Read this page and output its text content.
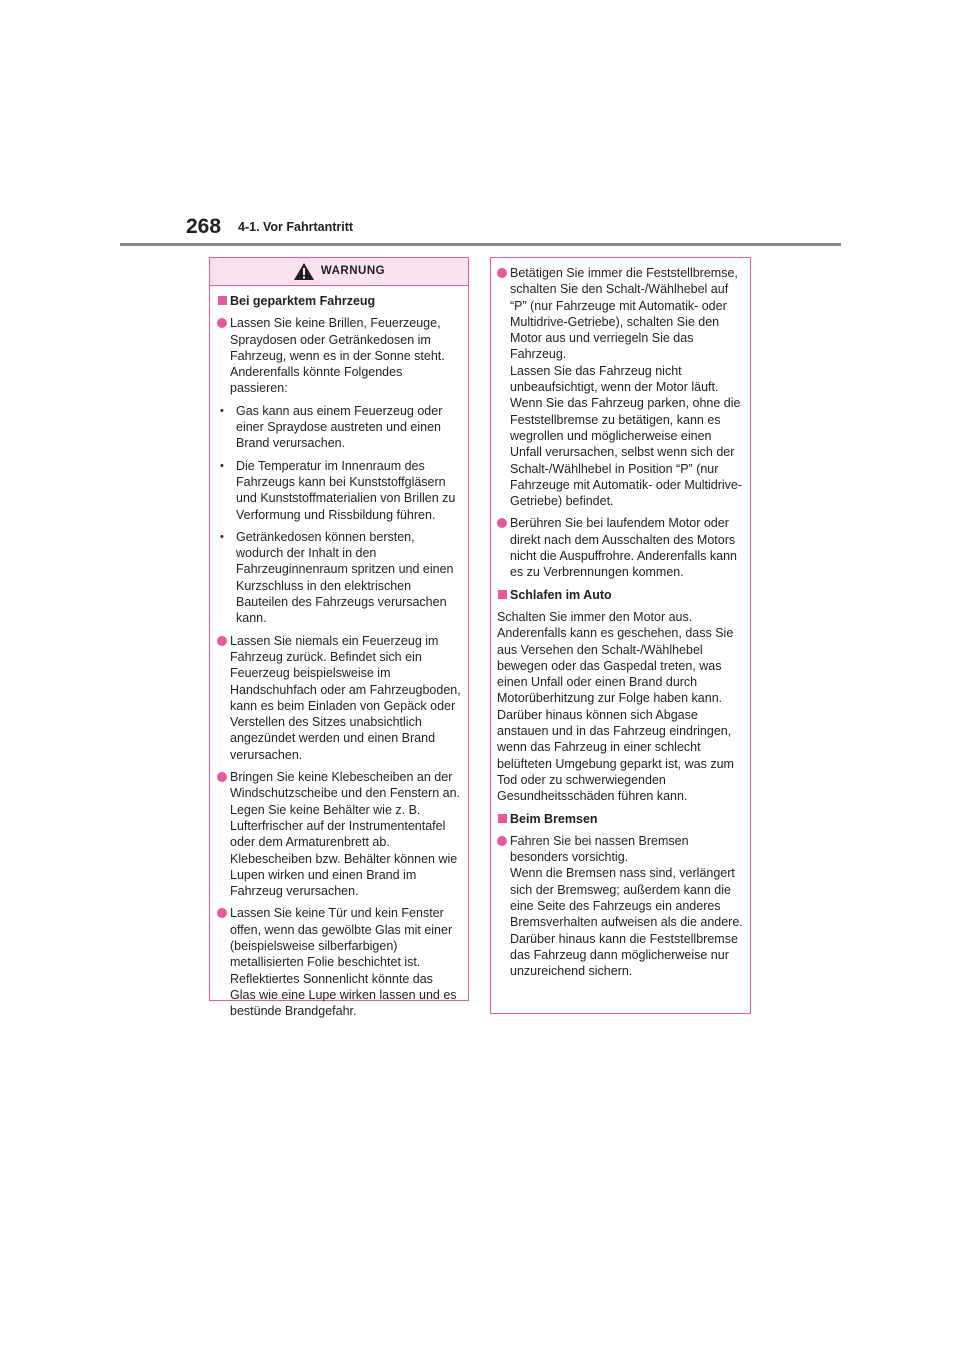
268 4-1. Vor Fahrtantritt
WARNUNG
Bei geparktem Fahrzeug
Lassen Sie keine Brillen, Feuerzeuge, Spraydosen oder Getränkedosen im Fahrzeug, wenn es in der Sonne steht. Anderenfalls könnte Folgendes passieren:
• Gas kann aus einem Feuerzeug oder einer Spraydose austreten und einen Brand verursachen.
• Die Temperatur im Innenraum des Fahrzeugs kann bei Kunststoffgläsern und Kunststoffmaterialien von Brillen zu Verformung und Rissbildung führen.
• Getränkedosen können bersten, wodurch der Inhalt in den Fahrzeuginnenraum spritzen und einen Kurzschluss in den elektrischen Bauteilen des Fahrzeugs verursachen kann.
Lassen Sie niemals ein Feuerzeug im Fahrzeug zurück. Befindet sich ein Feuerzeug beispielsweise im Handschuhfach oder am Fahrzeugboden, kann es beim Einladen von Gepäck oder Verstellen des Sitzes unabsichtlich angezündet werden und einen Brand verursachen.
Bringen Sie keine Klebescheiben an der Windschutzscheibe und den Fenstern an. Legen Sie keine Behälter wie z. B. Lufterfrischer auf der Instrumententafel oder dem Armaturenbrett ab. Klebescheiben bzw. Behälter können wie Lupen wirken und einen Brand im Fahrzeug verursachen.
Lassen Sie keine Tür und kein Fenster offen, wenn das gewölbte Glas mit einer (beispielsweise silberfarbigen) metallisierten Folie beschichtet ist. Reflektiertes Sonnenlicht könnte das Glas wie eine Lupe wirken lassen und es bestünde Brandgefahr.
Betätigen Sie immer die Feststellbremse, schalten Sie den Schalt-/Wählhebel auf “P” (nur Fahrzeuge mit Automatik- oder Multidrive-Getriebe), schalten Sie den Motor aus und verriegeln Sie das Fahrzeug.
Lassen Sie das Fahrzeug nicht unbeaufsichtigt, wenn der Motor läuft.
Wenn Sie das Fahrzeug parken, ohne die Feststellbremse zu betätigen, kann es wegrollen und möglicherweise einen Unfall verursachen, selbst wenn sich der Schalt-/Wählhebel in Position “P” (nur Fahrzeuge mit Automatik- oder Multidrive-Getriebe) befindet.
Berühren Sie bei laufendem Motor oder direkt nach dem Ausschalten des Motors nicht die Auspuffrohre. Anderenfalls kann es zu Verbrennungen kommen.
Schlafen im Auto
Schalten Sie immer den Motor aus. Anderenfalls kann es geschehen, dass Sie aus Versehen den Schalt-/Wählhebel bewegen oder das Gaspedal treten, was einen Unfall oder einen Brand durch Motorüberhitzung zur Folge haben kann. Darüber hinaus können sich Abgase anstauen und in das Fahrzeug eindringen, wenn das Fahrzeug in einer schlecht belüfteten Umgebung geparkt ist, was zum Tod oder zu schwerwiegenden Gesundheitsschäden führen kann.
Beim Bremsen
Fahren Sie bei nassen Bremsen besonders vorsichtig.
Wenn die Bremsen nass sind, verlängert sich der Bremsweg; außerdem kann die eine Seite des Fahrzeugs ein anderes Bremsverhalten aufweisen als die andere. Darüber hinaus kann die Feststellbremse das Fahrzeug dann möglicherweise nur unzureichend sichern.
